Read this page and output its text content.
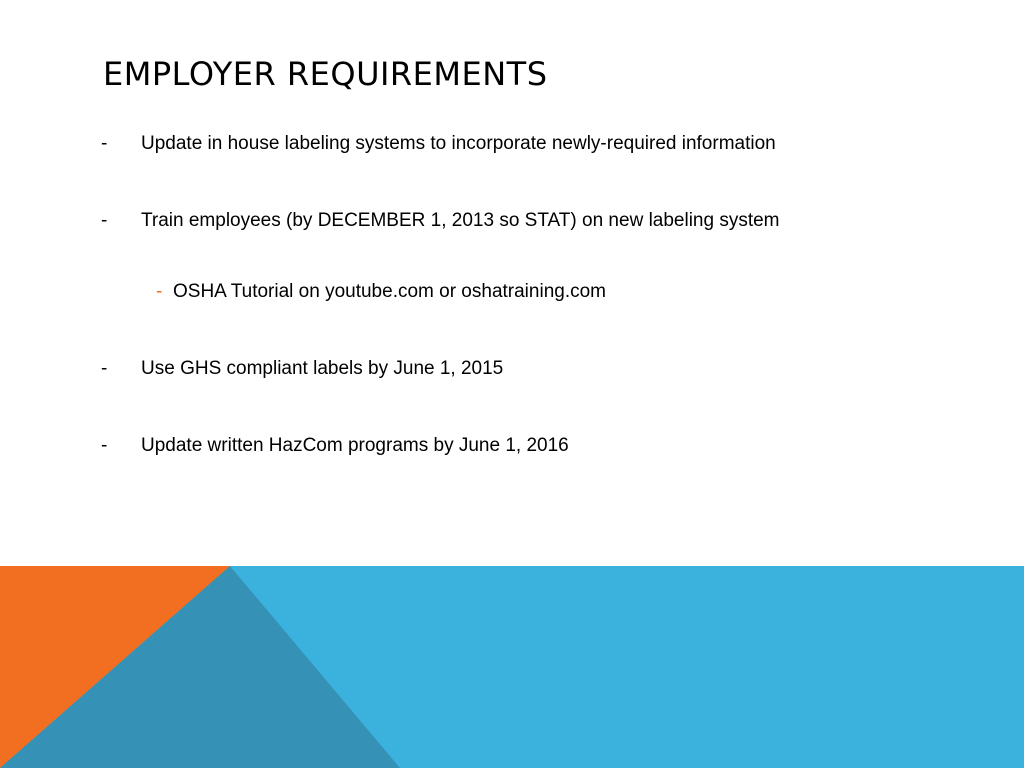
EMPLOYER REQUIREMENTS
- Update in house labeling systems to incorporate newly-required information
- Train employees (by DECEMBER 1, 2013 so STAT) on new labeling system
- OSHA Tutorial on youtube.com or oshatraining.com
- Use GHS compliant labels by June 1, 2015
- Update written HazCom programs by June 1, 2016
